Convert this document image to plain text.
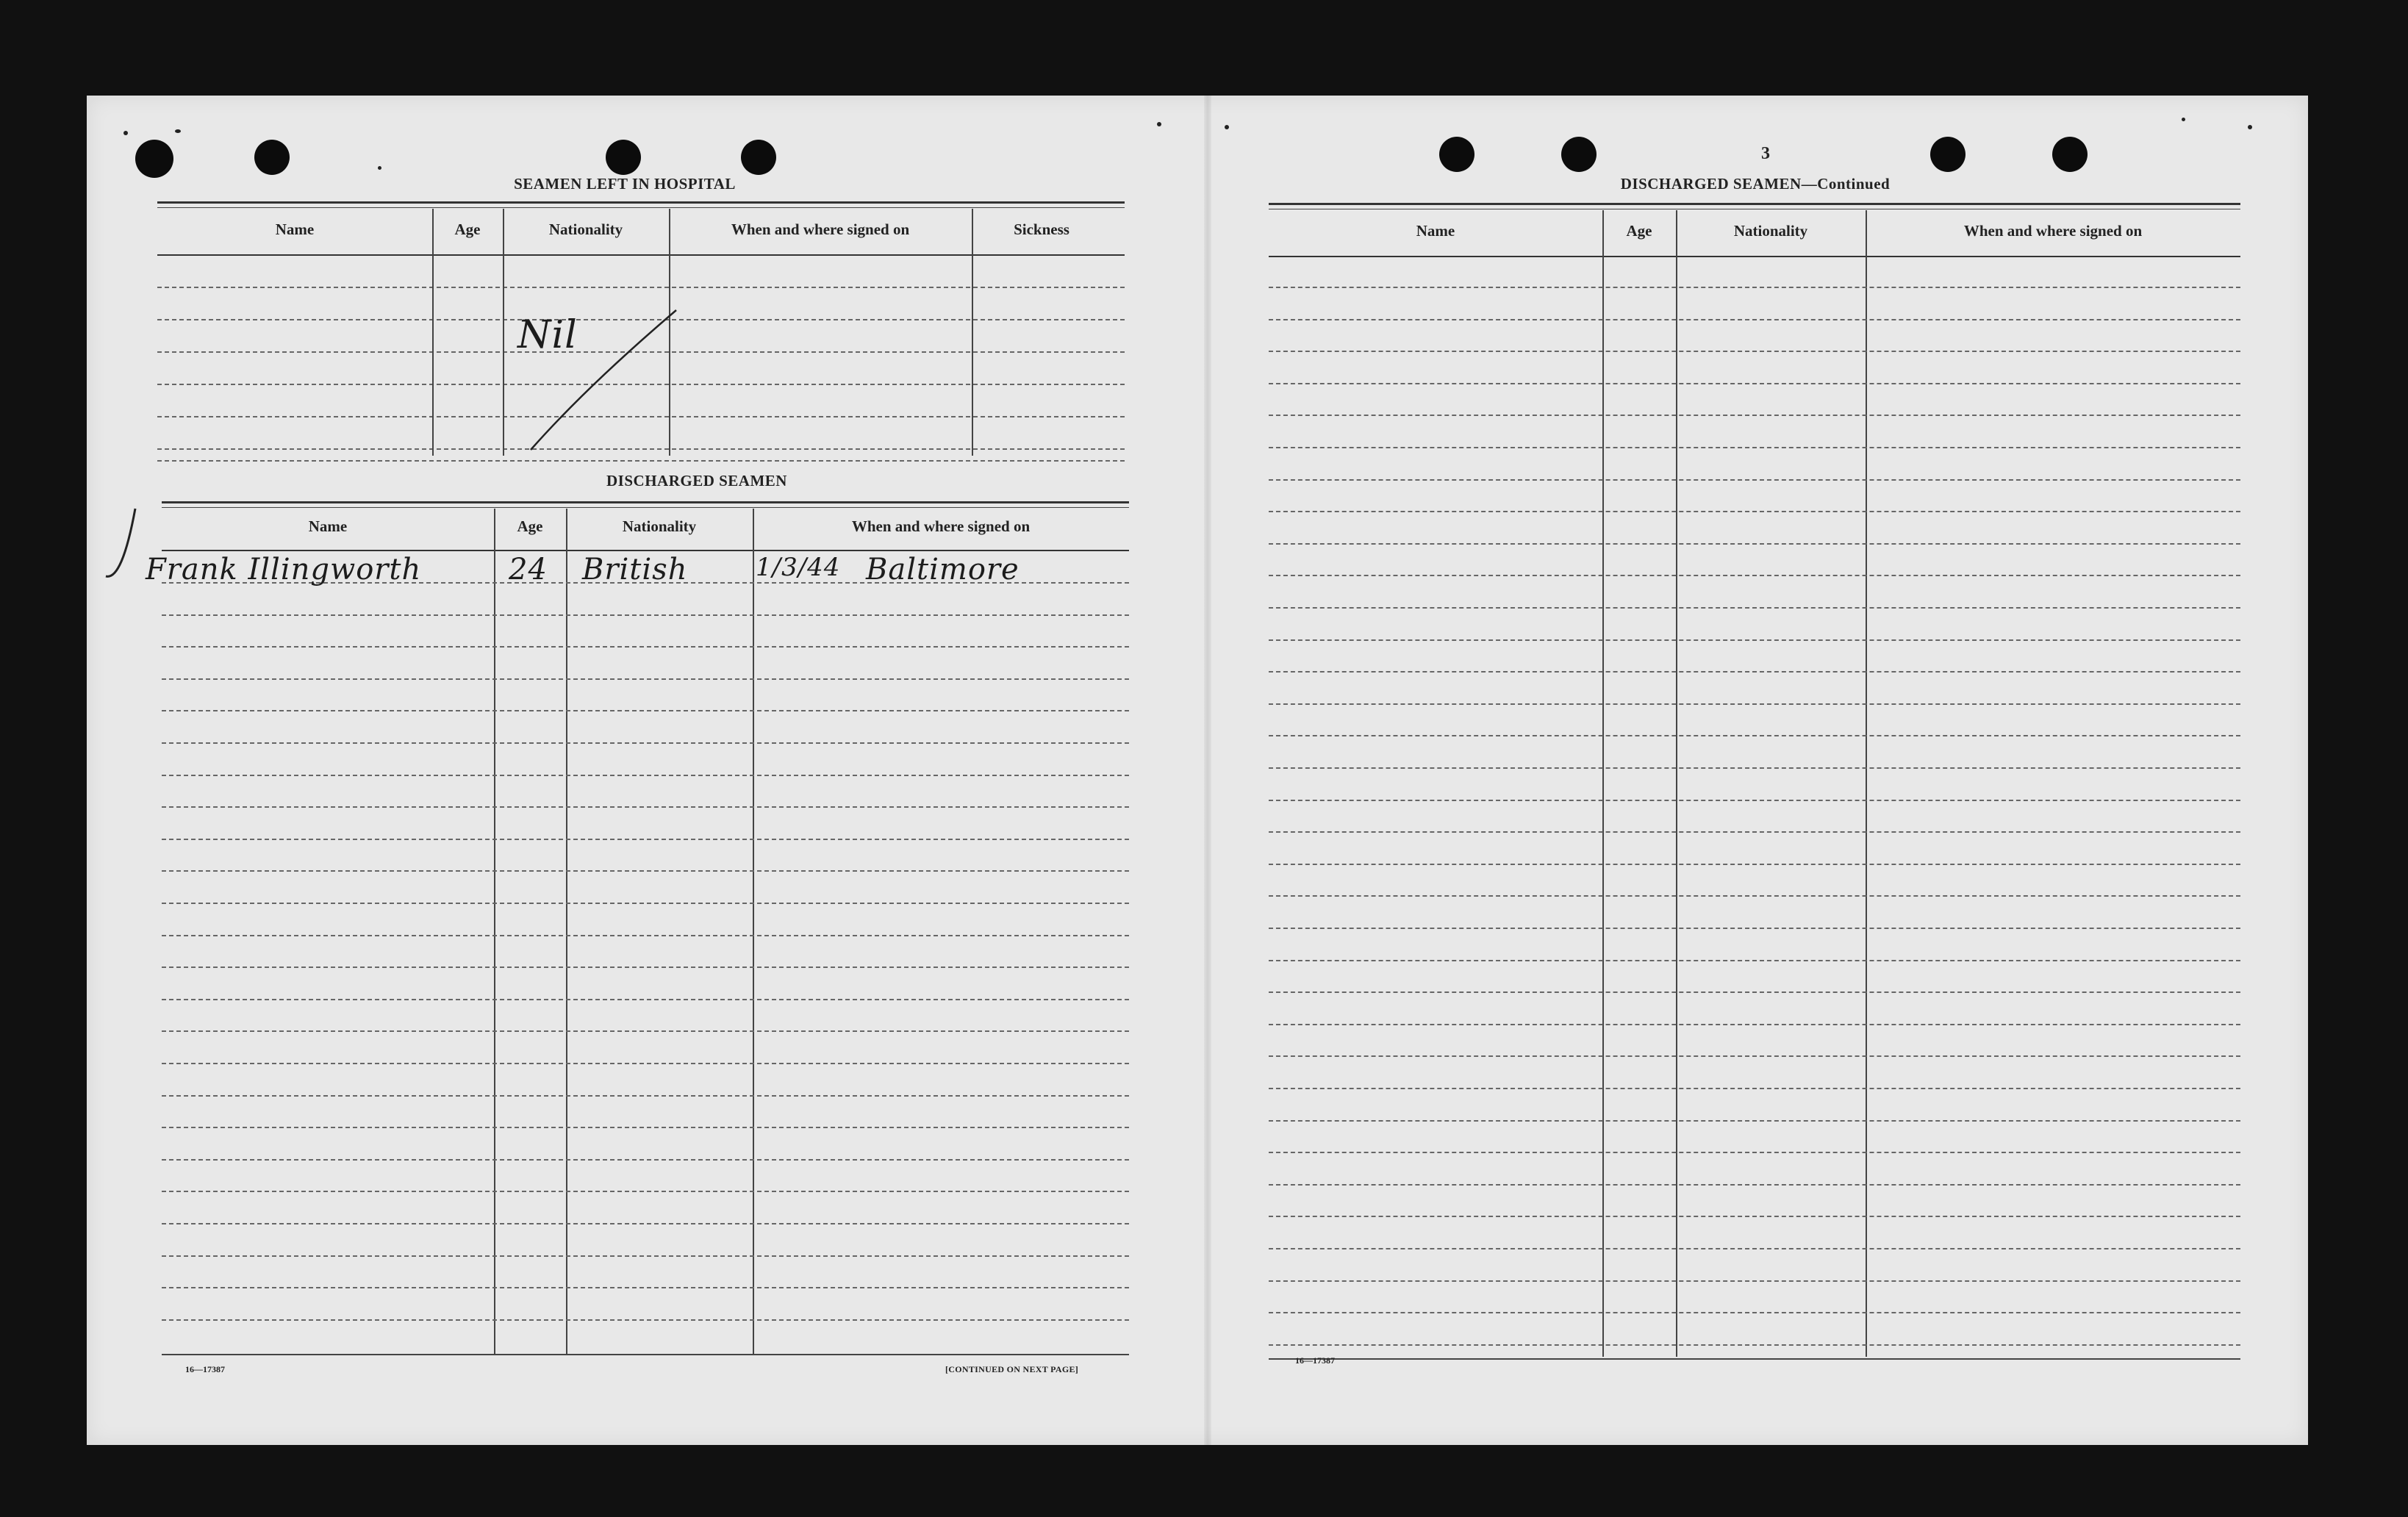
SEAMEN LEFT IN HOSPITAL
Name	Age	Nationality	When and where signed on	Sickness
Nil
DISCHARGED SEAMEN
Name	Age	Nationality	When and where signed on
Frank Illingworth	24 British	1/3/44 Baltimore
16—17387	[CONTINUED ON NEXT PAGE]
3
DISCHARGED SEAMEN—Continued
Name	Age	Nationality	When and where signed on
16—17387
